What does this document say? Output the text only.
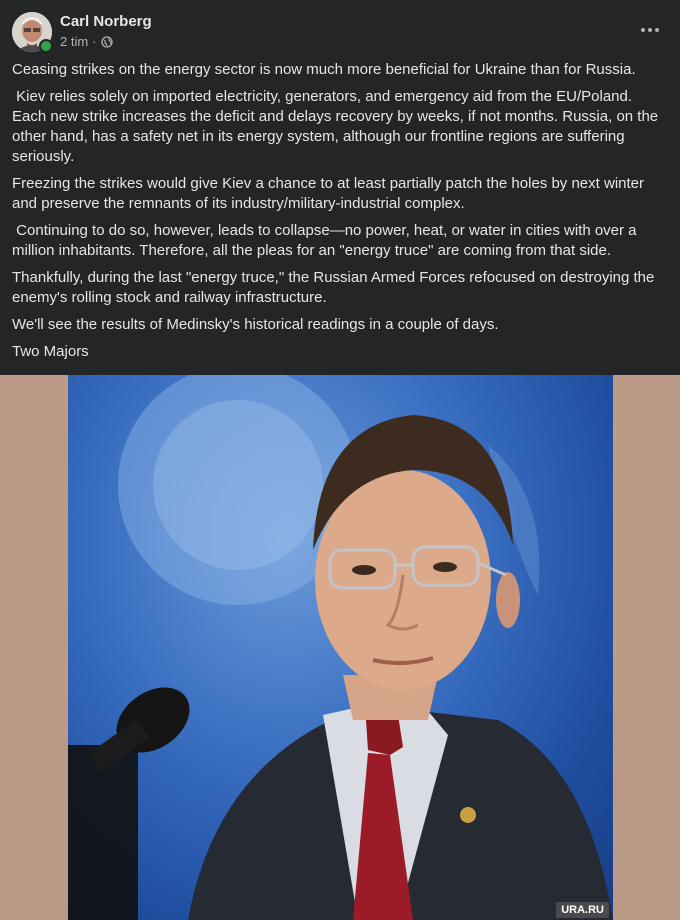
Carl Norberg
2 tim ·

Ceasing strikes on the energy sector is now much more beneficial for Ukraine than for Russia.

Kiev relies solely on imported electricity, generators, and emergency aid from the EU/Poland. Each new strike increases the deficit and delays recovery by weeks, if not months. Russia, on the other hand, has a safety net in its energy system, although our frontline regions are suffering seriously.

Freezing the strikes would give Kiev a chance to at least partially patch the holes by next winter and preserve the remnants of its industry/military-industrial complex.

Continuing to do so, however, leads to collapse—no power, heat, or water in cities with over a million inhabitants. Therefore, all the pleas for an "energy truce" are coming from that side.

Thankfully, during the last "energy truce," the Russian Armed Forces refocused on destroying the enemy's rolling stock and railway infrastructure.

We'll see the results of Medinsky's historical readings in a couple of days.

Two Majors

URA.RU
